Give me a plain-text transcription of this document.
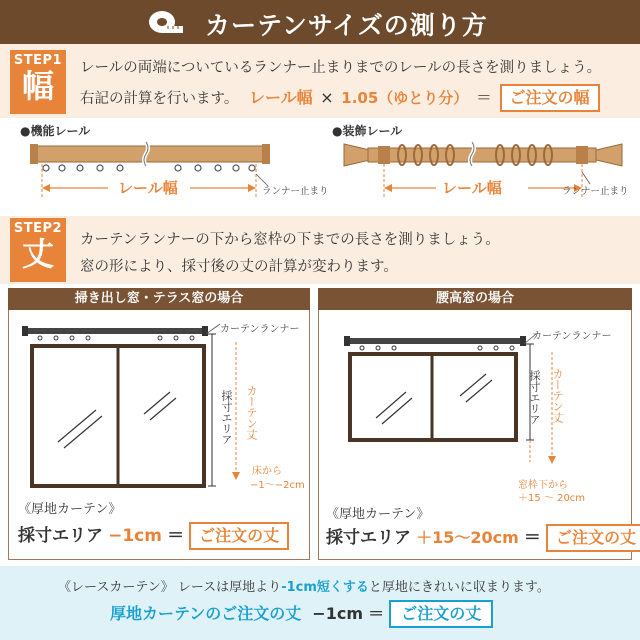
カーテンサイズの測り方
STEP1
幅	レールの両端についているランナー止まりまでのレールの長さを測りましょう。
右記の計算を行います。 レール幅 × 1.05（ゆとり分） ＝ ご注文の幅
●機能レール	●装飾レール
レール幅	ランナー止まり	レール幅	ランナー止まり
STEP2
丈	カーテンランナーの下から窓枠の下までの長さを測りましょう。
窓の形により、採寸後の丈の計算が変わります。
掃き出し窓・テラス窓の場合
カーテンランナー
採寸エリア カーテン丈
床から
−1〜−2cm
《厚地カーテン》
採寸エリア −1cm ＝ ご注文の丈
腰高窓の場合
カーテンランナー
採寸エリア カーテン丈
窓枠下から
＋15 〜 20cm
《厚地カーテン》
採寸エリア ＋15〜20cm ＝ ご注文の丈
《レースカーテン》 レースは厚地より-1cm短くすると厚地にきれいに収まります。
厚地カーテンのご注文の丈 −1cm ＝ ご注文の丈
